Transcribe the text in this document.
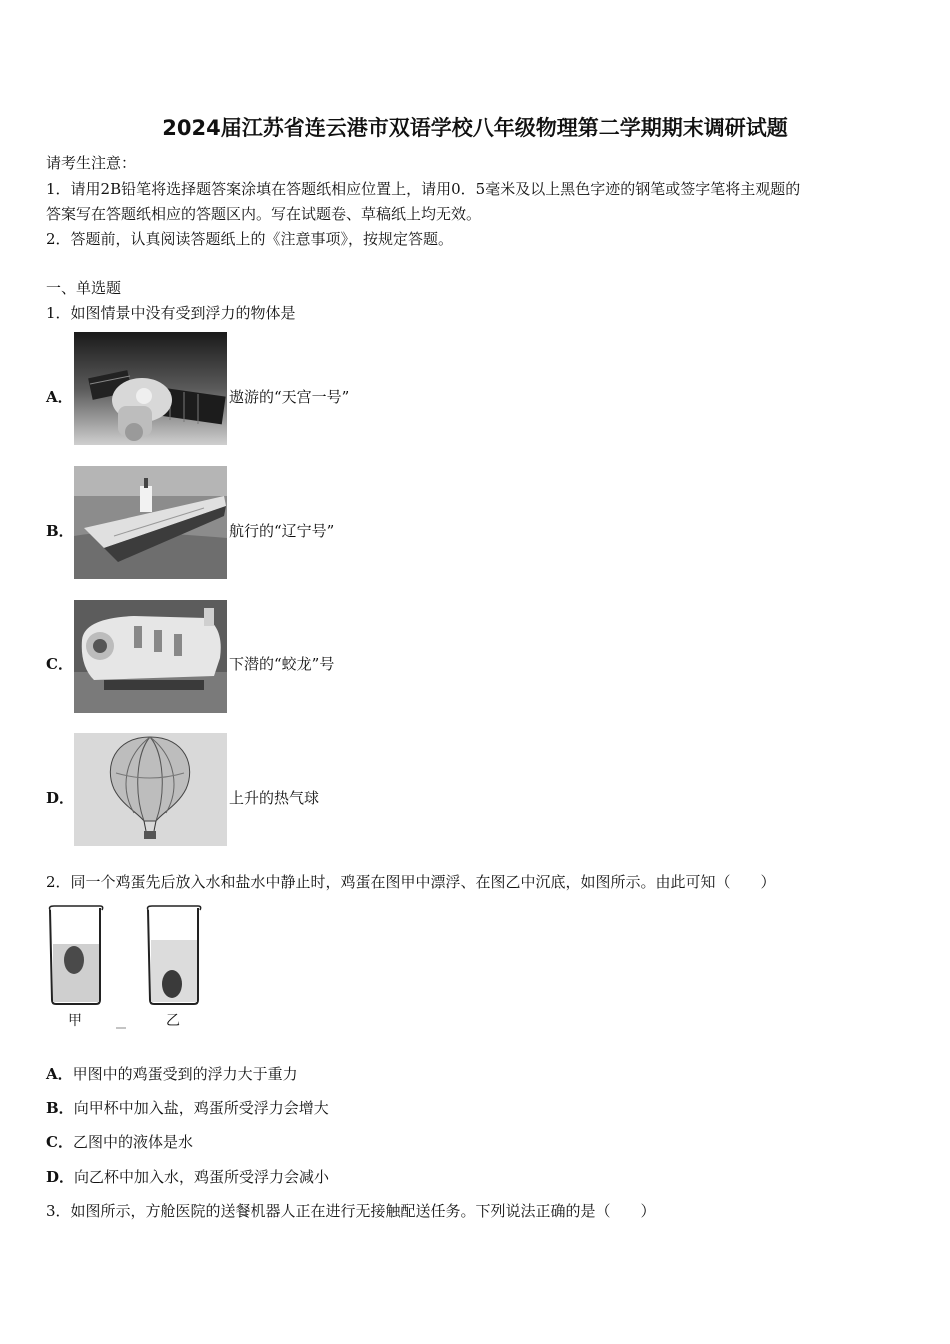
2024届江苏省连云港市双语学校八年级物理第二学期期末调研试题
请考生注意：
1．请用2B铅笔将选择题答案涂填在答题纸相应位置上，请用0．5毫米及以上黑色字迹的钢笔或签字笔将主观题的
答案写在答题纸相应的答题区内。写在试题卷、草稿纸上均无效。
2．答题前，认真阅读答题纸上的《注意事项》，按规定答题。
一、单选题
1．如图情景中没有受到浮力的物体是
A．	遨游的“天宫一号”
B．	航行的“辽宁号”
C．	下潜的“蛟龙”号
D．	上升的热气球
2．同一个鸡蛋先后放入水和盐水中静止时，鸡蛋在图甲中漂浮、在图乙中沉底，如图所示。由此可知（　　）
甲	乙
A．甲图中的鸡蛋受到的浮力大于重力
B．向甲杯中加入盐，鸡蛋所受浮力会增大
C．乙图中的液体是水
D．向乙杯中加入水，鸡蛋所受浮力会减小
3．如图所示，方舱医院的送餐机器人正在进行无接触配送任务。下列说法正确的是（　　）
